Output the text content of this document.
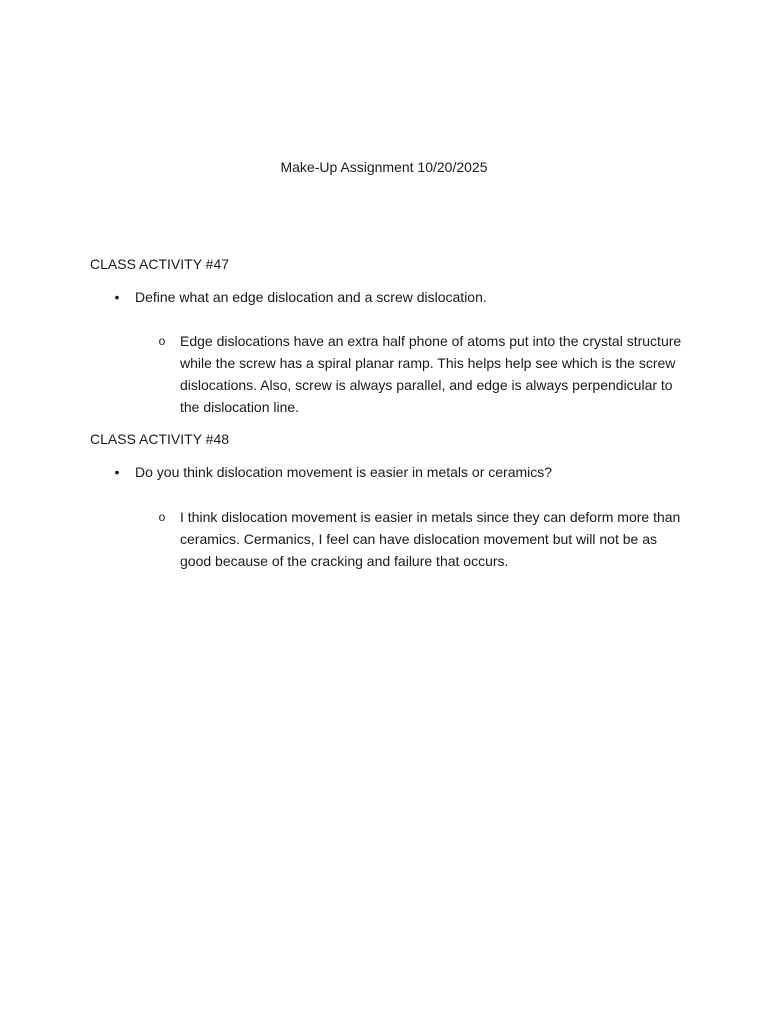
Make-Up Assignment 10/20/2025
CLASS ACTIVITY #47
• Define what an edge dislocation and a screw dislocation.
o Edge dislocations have an extra half phone of atoms put into the crystal structure while the screw has a spiral planar ramp. This helps help see which is the screw dislocations. Also, screw is always parallel, and edge is always perpendicular to the dislocation line.
CLASS ACTIVITY #48
• Do you think dislocation movement is easier in metals or ceramics?
o I think dislocation movement is easier in metals since they can deform more than ceramics. Cermanics, I feel can have dislocation movement but will not be as good because of the cracking and failure that occurs.
